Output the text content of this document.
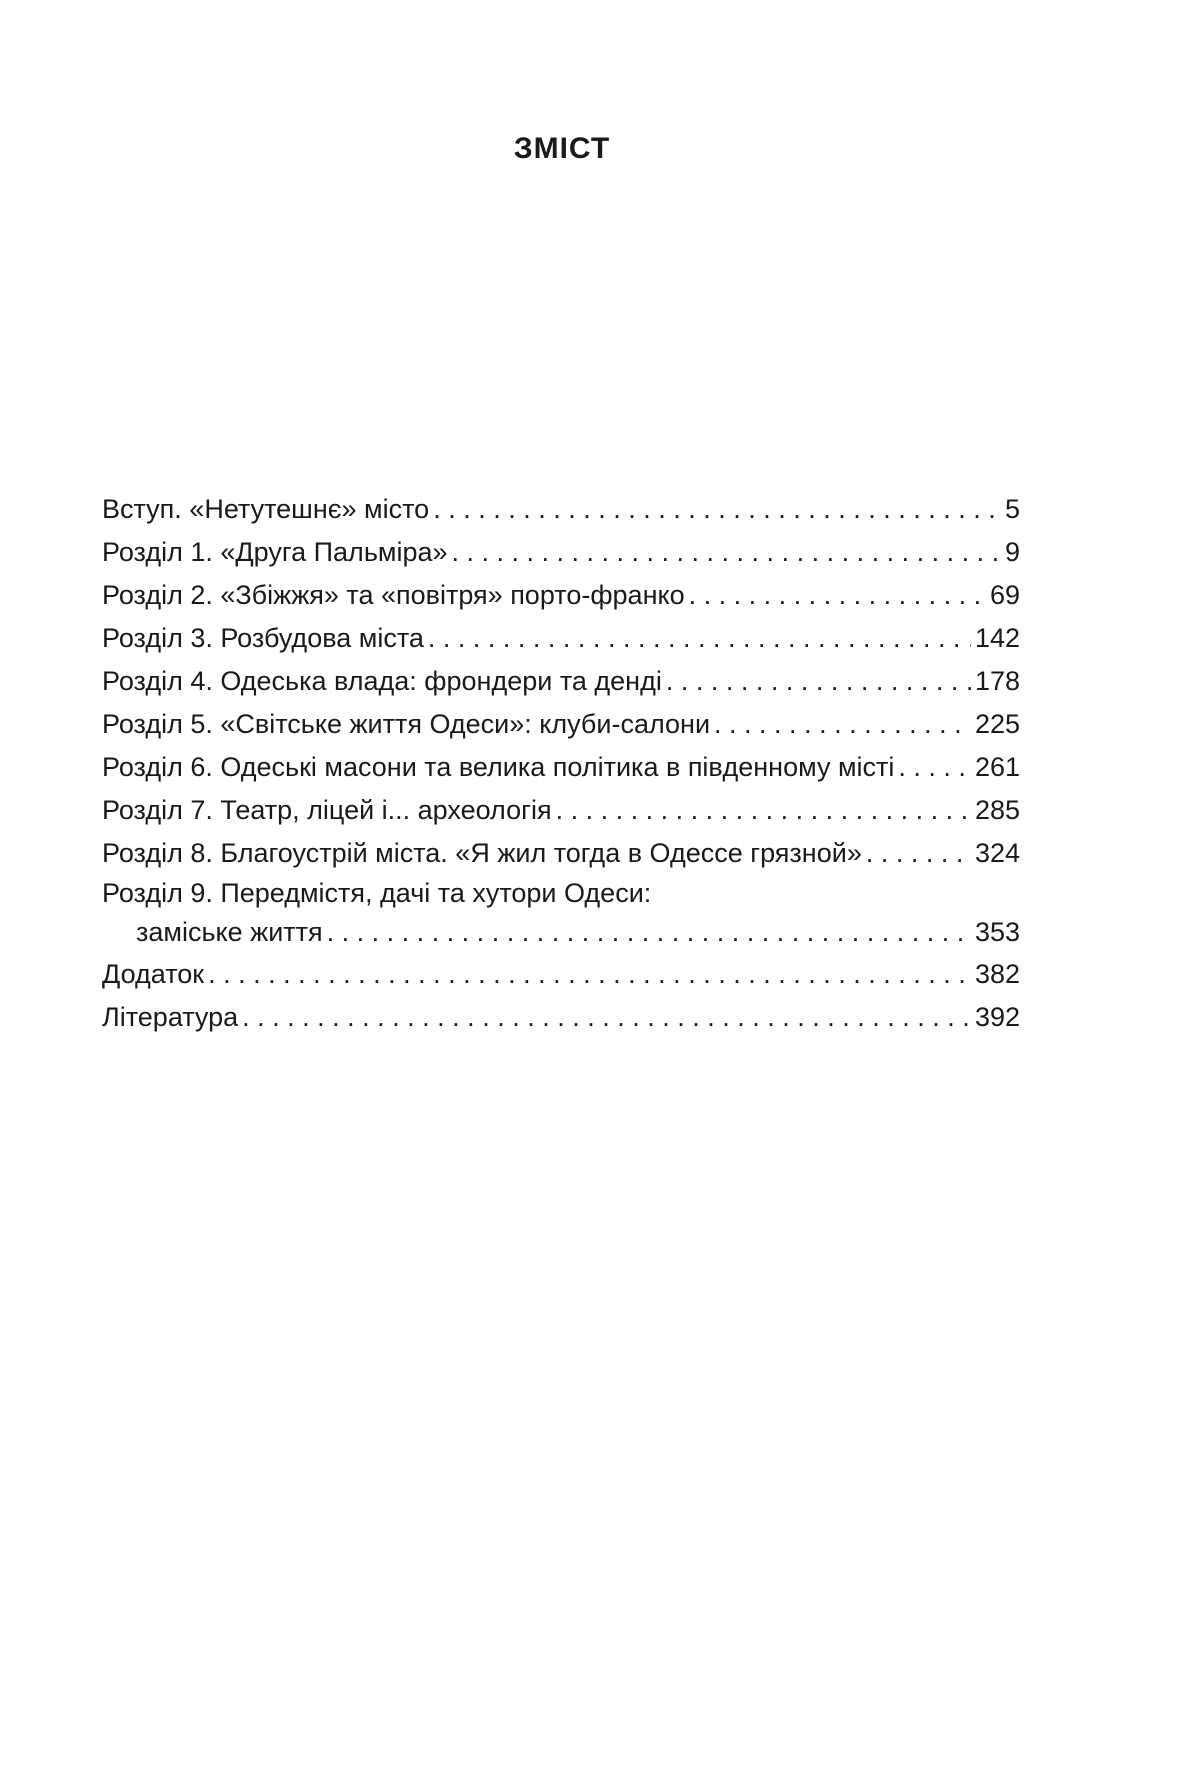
ЗМІСТ
Вступ. «Нетутешнє» місто . . .	5
Розділ 1. «Друга Пальміра» . . .	9
Розділ 2. «Збіжжя» та «повітря» порто-франко . . .	69
Розділ 3. Розбудова міста . . .	142
Розділ 4. Одеська влада: фрондери та денді . . .	178
Розділ 5. «Світське життя Одеси»: клуби-салони . . .	225
Розділ 6. Одеські масони та велика політика в південному місті . . .	261
Розділ 7. Театр, ліцей і... археологія . . .	285
Розділ 8. Благоустрій міста. «Я жил тогда в Одессе грязной» . . .	324
Розділ 9. Передмістя, дачі та хутори Одеси:
заміське життя . . .	353
Додаток . . .	382
Література . . .	392
